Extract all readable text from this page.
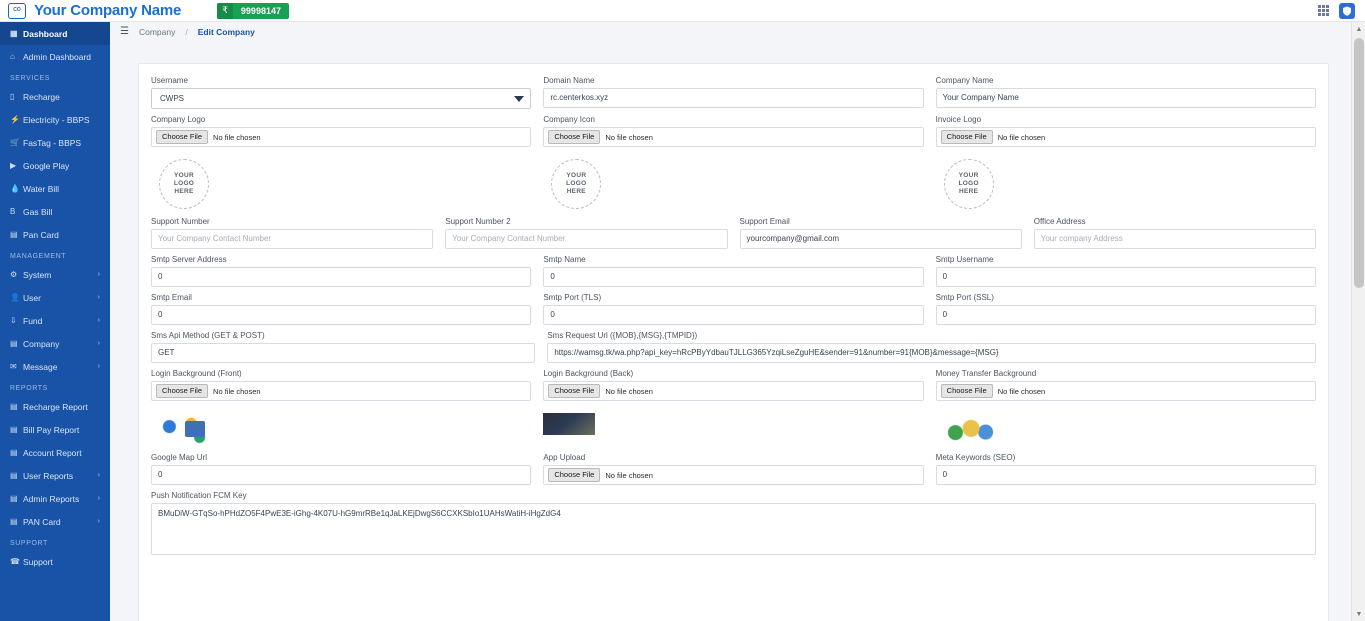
CO Your Company Name	₹	99998147
▦ Dashboard
⌂ Admin Dashboard
SERVICES
▯	Recharge
⚡ Electricity - BBPS
🛒 FasTag - BBPS
▶ Google Play
💧 Water Bill
B Gas Bill
▤ Pan Card
MANAGEMENT
⚙ System	›
👤 User	›
⇩ Fund	›
▤ Company	›
✉ Message	›
REPORTS
▤ Recharge Report
▤ Bill Pay Report
▤ Account Report
▤ User Reports	›
▤ Admin Reports	›
▤ PAN Card	›
SUPPORT
☎ Support
☰ Company / Edit Company
Username
CWPS
Domain Name
rc.centerkos.xyz
Company Name
Your Company Name
Company Logo
Choose File	No file chosen
Company Icon
Choose File	No file chosen
Invoice Logo
Choose File	No file chosen
YOUR
LOGO
HERE
YOUR
LOGO
HERE
YOUR
LOGO
HERE
Support Number
Your Company Contact Number
Support Number 2
Your Company Contact Number
Support Email
yourcompany@gmail.com
Office Address
Your company Address
Smtp Server Address
0
Smtp Name
0
Smtp Username
0
Smtp Email
0
Smtp Port (TLS)
0
Smtp Port (SSL)
0
Sms Api Method (GET & POST)
GET
Sms Request Url ({MOB},{MSG},{TMPID})
https://wamsg.tk/wa.php?api_key=hRcPByYdbauTJLLG365YzqiLseZguHE&sender=91&number=91{MOB}&message={MSG}
Login Background (Front)
Choose File	No file chosen
Login Background (Back)
Choose File	No file chosen
Money Transfer Background
Choose File	No file chosen
Google Map Url
0
App Upload
Choose File	No file chosen
Meta Keywords (SEO)
0
Push Notification FCM Key
BMuDiW-GTqSo-hPHdZO5F4PwE3E-iGhg-4K07U-hG9mrRBe1qJaLKEjDwgS6CCXKSbIo1UAHsWatiH-iHgZdG4
▲
▼
